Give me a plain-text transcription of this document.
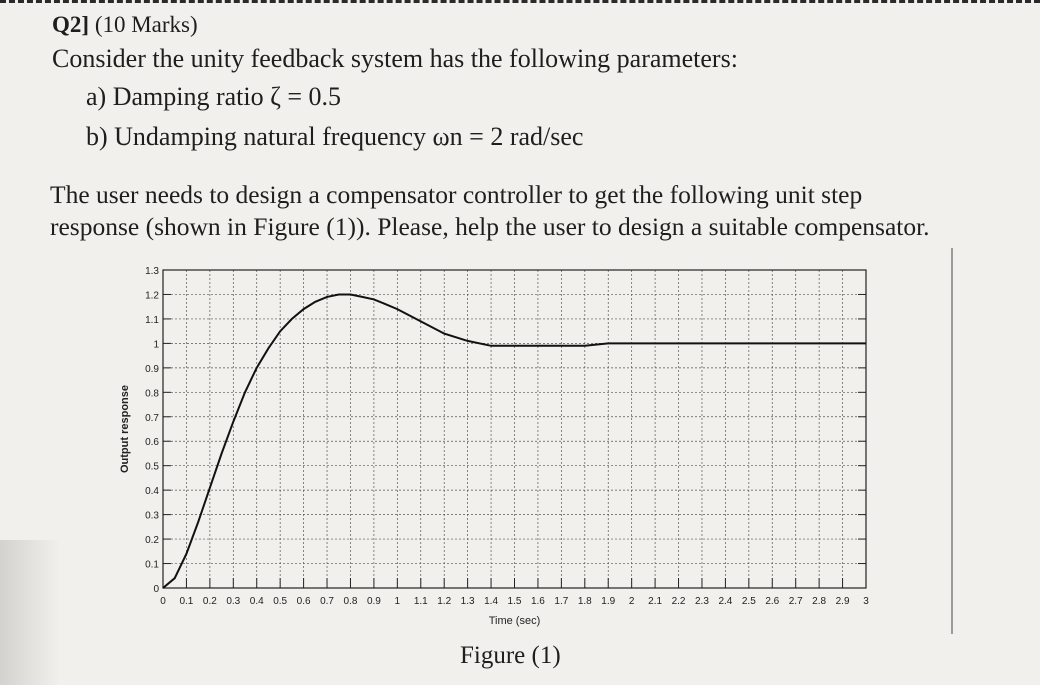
Q2] (10 Marks)
Consider the unity feedback system has the following parameters:
a) Damping ratio ζ = 0.5
b) Undamping natural frequency ωn = 2 rad/sec
The user needs to design a compensator controller to get the following unit step
response (shown in Figure (1)). Please, help the user to design a suitable compensator.
0 0.1 0.2 0.3 0.4 0.5 0.6 0.7 0.8 0.9 1 1.1 1.2 1.3 1.4 1.5 1.6 1.7 1.8 1.9 2 2.1 2.2 2.3 2.4 2.5 2.6 2.7 2.8 2.9 3
0
0.1
0.2
0.3
0.4
0.5
0.6
0.7
0.8
0.9
1
1.1
1.2
1.3
Time (sec)
Output response
Figure (1)
